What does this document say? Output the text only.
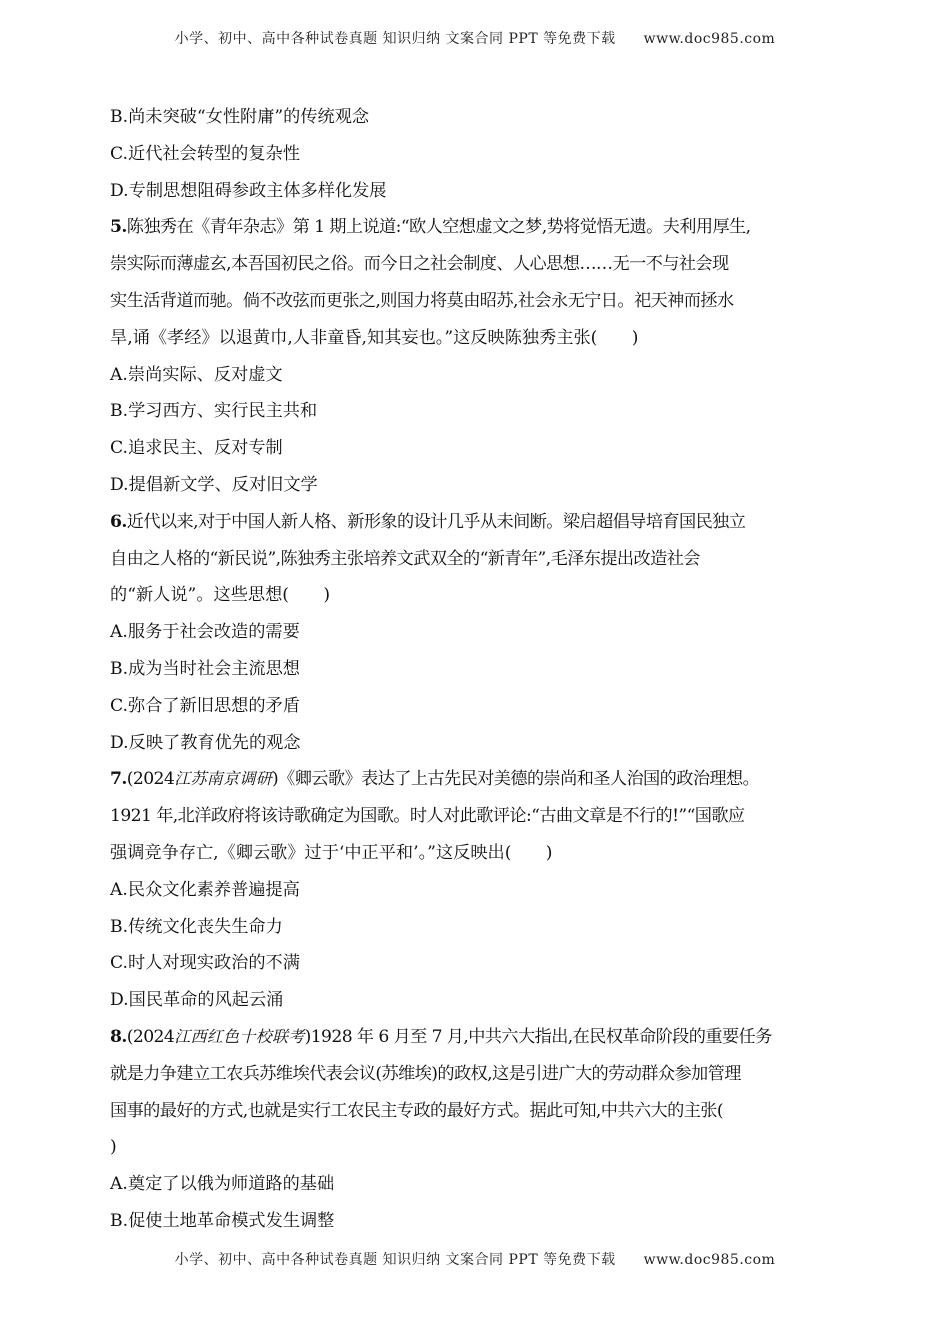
小学、初中、高中各种试卷真题 知识归纳 文案合同 PPT 等免费下载 www.doc985.com
B.尚未突破“女性附庸”的传统观念
C.近代社会转型的复杂性
D.专制思想阻碍参政主体多样化发展
5.陈独秀在《青年杂志》第 1 期上说道:“欧人空想虚文之梦,势将觉悟无遗。夫利用厚生,
崇实际而薄虚玄,本吾国初民之俗。而今日之社会制度、人心思想……无一不与社会现
实生活背道而驰。倘不改弦而更张之,则国力将莫由昭苏,社会永无宁日。祀天神而拯水
旱,诵《孝经》以退黄巾,人非童昏,知其妄也。”这反映陈独秀主张(　　)
A.崇尚实际、反对虚文
B.学习西方、实行民主共和
C.追求民主、反对专制
D.提倡新文学、反对旧文学
6.近代以来,对于中国人新人格、新形象的设计几乎从未间断。梁启超倡导培育国民独立
自由之人格的“新民说”,陈独秀主张培养文武双全的“新青年”,毛泽东提出改造社会
的“新人说”。这些思想(　　)
A.服务于社会改造的需要
B.成为当时社会主流思想
C.弥合了新旧思想的矛盾
D.反映了教育优先的观念
7.(2024江苏南京调研)《卿云歌》表达了上古先民对美德的崇尚和圣人治国的政治理想。
1921 年,北洋政府将该诗歌确定为国歌。时人对此歌评论:“古曲文章是不行的!”“国歌应
强调竞争存亡,《卿云歌》过于‘中正平和’。”这反映出(　　)
A.民众文化素养普遍提高
B.传统文化丧失生命力
C.时人对现实政治的不满
D.国民革命的风起云涌
8.(2024江西红色十校联考)1928 年 6 月至 7 月,中共六大指出,在民权革命阶段的重要任务
就是力争建立工农兵苏维埃代表会议(苏维埃)的政权,这是引进广大的劳动群众参加管理
国事的最好的方式,也就是实行工农民主专政的最好方式。据此可知,中共六大的主张(
)
A.奠定了以俄为师道路的基础
B.促使土地革命模式发生调整
小学、初中、高中各种试卷真题 知识归纳 文案合同 PPT 等免费下载 www.doc985.com
